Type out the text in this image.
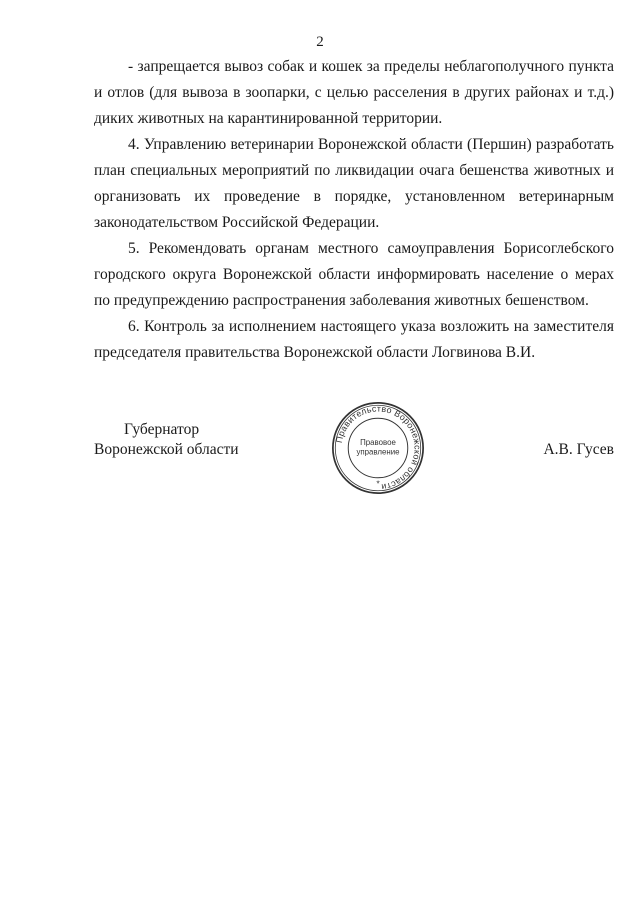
2

- запрещается вывоз собак и кошек за пределы неблагополучного пункта и отлов (для вывоза в зоопарки, с целью расселения в других районах и т.д.) диких животных на карантинированной территории.

4. Управлению ветеринарии Воронежской области (Першин) разработать план специальных мероприятий по ликвидации очага бешенства животных и организовать их проведение в порядке, установленном ветеринарным законодательством Российской Федерации.

5. Рекомендовать органам местного самоуправления Борисоглебского городского округа Воронежской области информировать население о мерах по предупреждению распространения заболевания животных бешенством.

6. Контроль за исполнением настоящего указа возложить на заместителя председателя правительства Воронежской области Логвинова В.И.

Губернатор
Воронежской области	А.В. Гусев
Правительство Воронежской области
Правовое
управление
*
